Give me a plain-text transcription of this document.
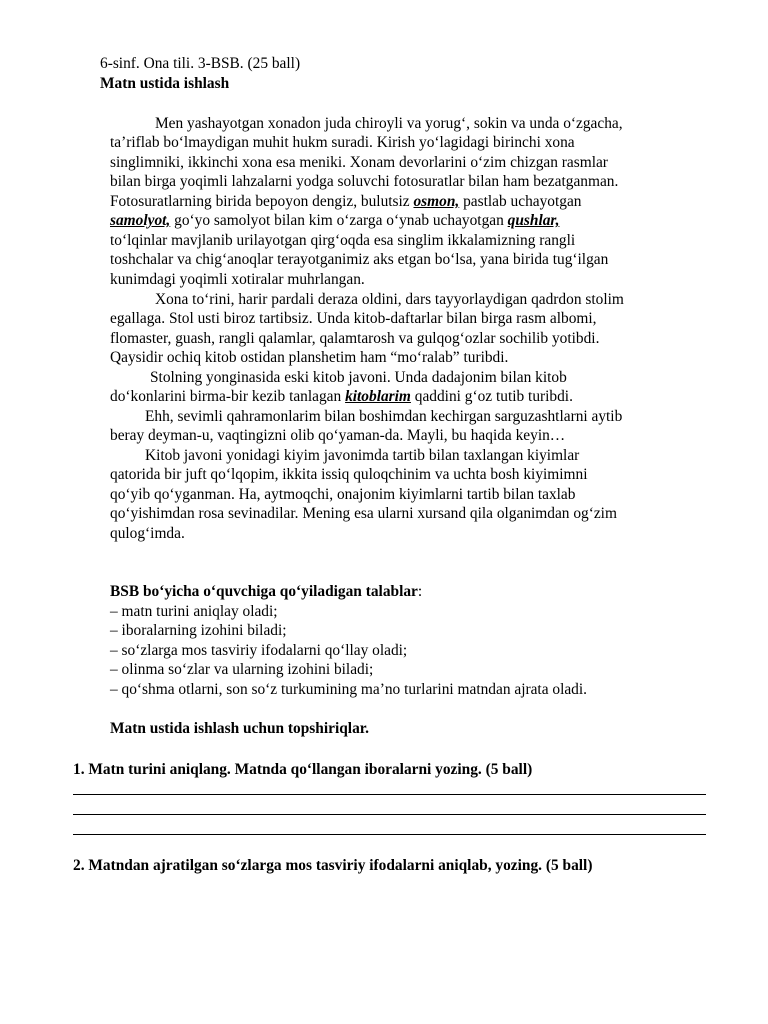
6-sinf. Ona tili. 3-BSB. (25 ball)
Matn ustida ishlash
Men yashayotgan xonadon juda chiroyli va yorug‘, sokin va unda o‘zgacha,
ta’riflab bo‘lmaydigan muhit hukm suradi. Kirish yo‘lagidagi birinchi xona
singlimniki, ikkinchi xona esa meniki. Xonam devorlarini o‘zim chizgan rasmlar
bilan birga yoqimli lahzalarni yodga soluvchi fotosuratlar bilan ham bezatganman.
Fotosuratlarning birida bepoyon dengiz, bulutsiz osmon, pastlab uchayotgan
samolyot, go‘yo samolyot bilan kim o‘zarga o‘ynab uchayotgan qushlar,
to‘lqinlar mavjlanib urilayotgan qirg‘oqda esa singlim ikkalamizning rangli
toshchalar va chig‘anoqlar terayotganimiz aks etgan bo‘lsa, yana birida tug‘ilgan
kunimdagi yoqimli xotiralar muhrlangan.
Xona to‘rini, harir pardali deraza oldini, dars tayyorlaydigan qadrdon stolim
egallaga. Stol usti biroz tartibsiz. Unda kitob-daftarlar bilan birga rasm albomi,
flomaster, guash, rangli qalamlar, qalamtarosh va gulqog‘ozlar sochilib yotibdi.
Qaysidir ochiq kitob ostidan planshetim ham “mo‘ralab” turibdi.
Stolning yonginasida eski kitob javoni. Unda dadajonim bilan kitob
do‘konlarini birma-bir kezib tanlagan kitoblarim qaddini g‘oz tutib turibdi.
Ehh, sevimli qahramonlarim bilan boshimdan kechirgan sarguzashtlarni aytib
beray deyman-u, vaqtingizni olib qo‘yaman-da. Mayli, bu haqida keyin…
Kitob javoni yonidagi kiyim javonimda tartib bilan taxlangan kiyimlar
qatorida bir juft qo‘lqopim, ikkita issiq quloqchinim va uchta bosh kiyimimni
qo‘yib qo‘yganman. Ha, aytmoqchi, onajonim kiyimlarni tartib bilan taxlab
qo‘yishimdan rosa sevinadilar. Mening esa ularni xursand qila olganimdan og‘zim
qulog‘imda.
BSB bo‘yicha o‘quvchiga qo‘yiladigan talablar:
– matn turini aniqlay oladi;
– iboralarning izohini biladi;
– so‘zlarga mos tasviriy ifodalarni qo‘llay oladi;
– olinma so‘zlar va ularning izohini biladi;
– qo‘shma otlarni, son so‘z turkumining ma’no turlarini matndan ajrata oladi.
Matn ustida ishlash uchun topshiriqlar.
1. Matn turini aniqlang. Matnda qo‘llangan iboralarni yozing. (5 ball)
2. Matndan ajratilgan so‘zlarga mos tasviriy ifodalarni aniqlab, yozing. (5 ball)
